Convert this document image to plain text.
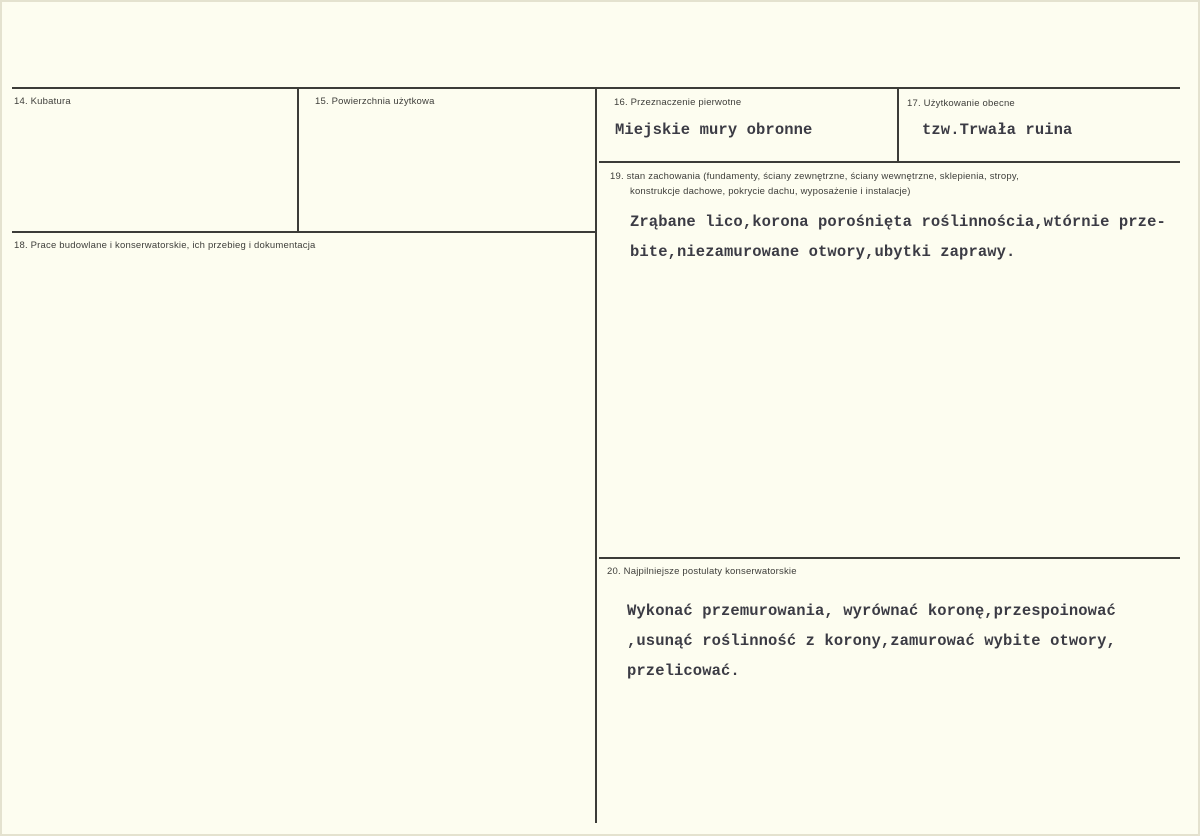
14. Kubatura	15. Powierzchnia użytkowa	16. Przeznaczenie pierwotne
Miejskie mury obronne
17. Użytkowanie obecne
tzw.Trwała ruina
18. Prace budowlane i konserwatorskie, ich przebieg i dokumentacja
19. stan zachowania (fundamenty, ściany zewnętrzne, ściany wewnętrzne, sklepienia, stropy,
konstrukcje dachowe, pokrycie dachu, wyposażenie i instalacje)
Zrąbane lico,korona porośnięta roślinnościa,wtórnie prze-
bite,niezamurowane otwory,ubytki zaprawy.
20. Najpilniejsze postulaty konserwatorskie
Wykonać przemurowania, wyrównać koronę,przespoinować
,usunąć roślinność z korony,zamurować wybite otwory,
przelicować.
